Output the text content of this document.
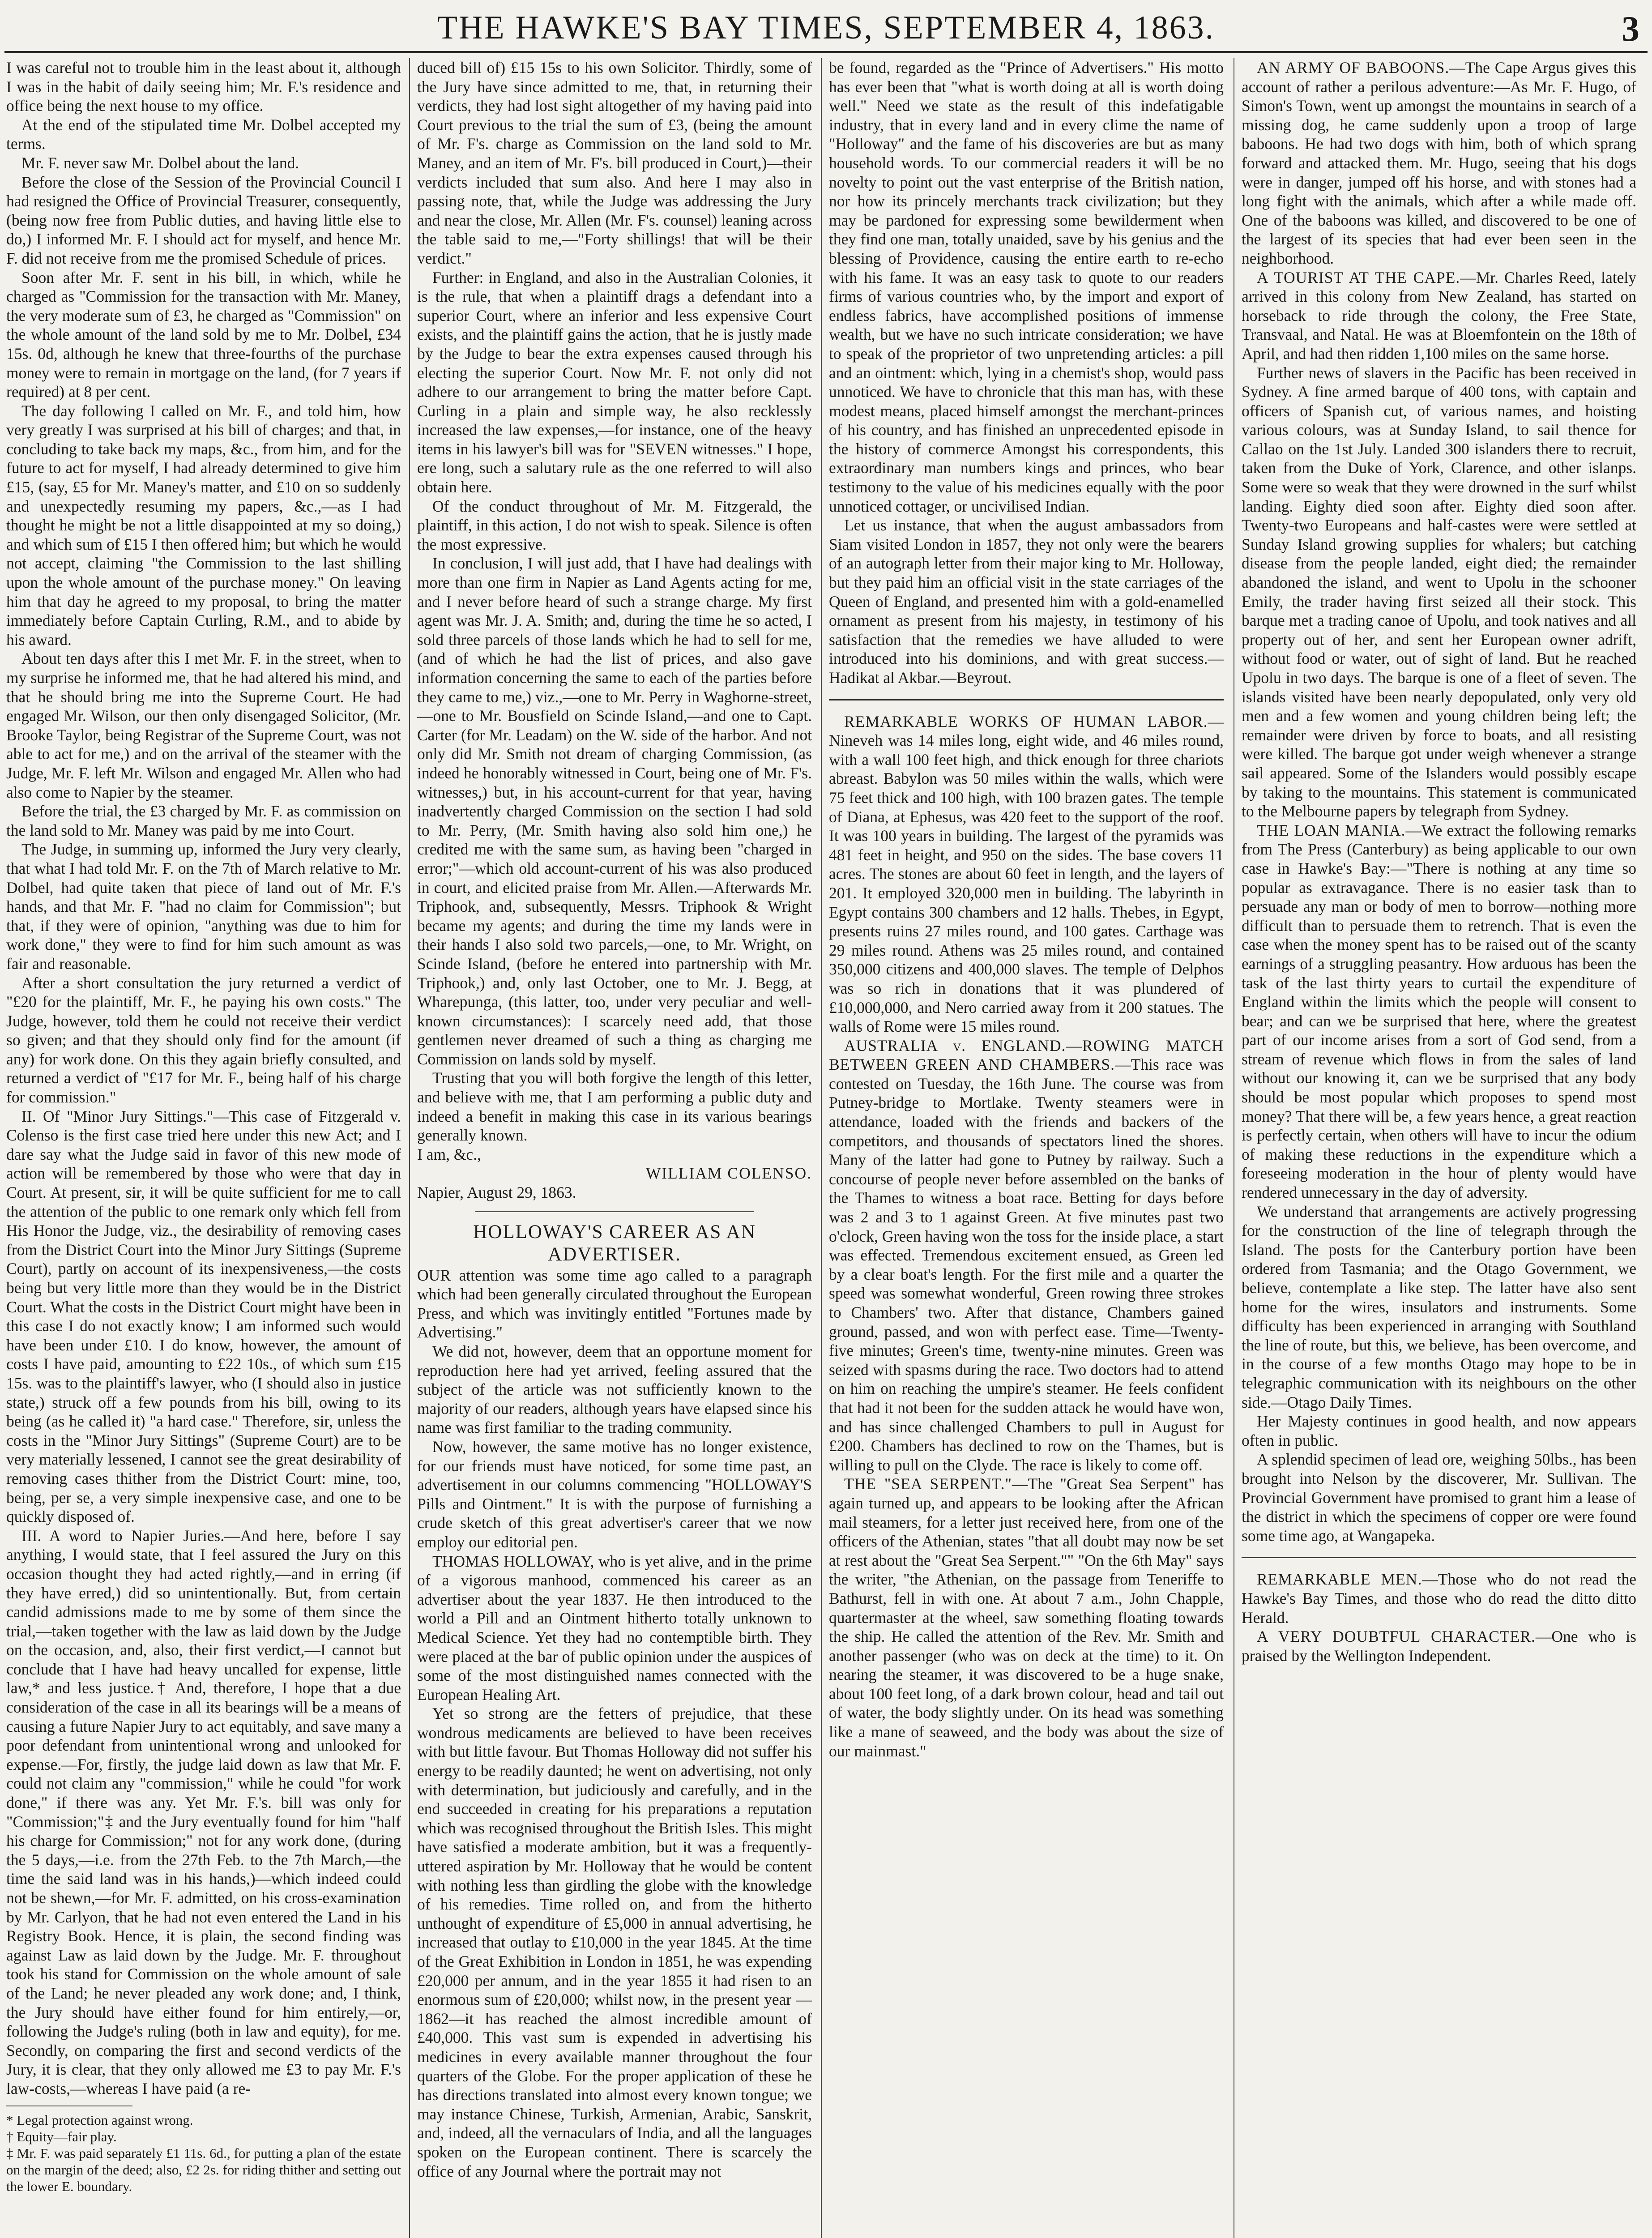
THE HAWKE'S BAY TIMES, SEPTEMBER 4, 1863.	3

I was careful not to trouble him in the least about it, although I was in the habit of daily seeing him; Mr. F.'s residence and office being the next house to my office.

At the end of the stipulated time Mr. Dolbel accepted my terms.

Mr. F. never saw Mr. Dolbel about the land.

Before the close of the Session of the Provincial Council I had resigned the Office of Provincial Treasurer, consequently, (being now free from Public duties, and having little else to do,) I informed Mr. F. I should act for myself, and hence Mr. F. did not receive from me the promised Schedule of prices.

Soon after Mr. F. sent in his bill, in which, while he charged as "Commission for the transaction with Mr. Maney, the very moderate sum of £3, he charged as "Commission" on the whole amount of the land sold by me to Mr. Dolbel, £34 15s. 0d, although he knew that three-fourths of the purchase money were to remain in mortgage on the land, (for 7 years if required) at 8 per cent.

The day following I called on Mr. F., and told him, how very greatly I was surprised at his bill of charges; and that, in concluding to take back my maps, &c., from him, and for the future to act for myself, I had already determined to give him £15, (say, £5 for Mr. Maney's matter, and £10 on so suddenly and unexpectedly resuming my papers, &c.,—as I had thought he might be not a little disappointed at my so doing,) and which sum of £15 I then offered him; but which he would not accept, claiming "the Commission to the last shilling upon the whole amount of the purchase money." On leaving him that day he agreed to my proposal, to bring the matter immediately before Captain Curling, R.M., and to abide by his award.

About ten days after this I met Mr. F. in the street, when to my surprise he informed me, that he had altered his mind, and that he should bring me into the Supreme Court. He had engaged Mr. Wilson, our then only disengaged Solicitor, (Mr. Brooke Taylor, being Registrar of the Supreme Court, was not able to act for me,) and on the arrival of the steamer with the Judge, Mr. F. left Mr. Wilson and engaged Mr. Allen who had also come to Napier by the steamer.

Before the trial, the £3 charged by Mr. F. as commission on the land sold to Mr. Maney was paid by me into Court.

The Judge, in summing up, informed the Jury very clearly, that what I had told Mr. F. on the 7th of March relative to Mr. Dolbel, had quite taken that piece of land out of Mr. F.'s hands, and that Mr. F. "had no claim for Commission"; but that, if they were of opinion, "anything was due to him for work done," they were to find for him such amount as was fair and reasonable.

After a short consultation the jury returned a verdict of "£20 for the plaintiff, Mr. F., he paying his own costs." The Judge, however, told them he could not receive their verdict so given; and that they should only find for the amount (if any) for work done. On this they again briefly consulted, and returned a verdict of "£17 for Mr. F., being half of his charge for commission."

II. Of "Minor Jury Sittings."—This case of Fitzgerald v. Colenso is the first case tried here under this new Act; and I dare say what the Judge said in favor of this new mode of action will be remembered by those who were that day in Court. At present, sir, it will be quite sufficient for me to call the attention of the public to one remark only which fell from His Honor the Judge, viz., the desirability of removing cases from the District Court into the Minor Jury Sittings (Supreme Court), partly on account of its inexpensiveness,—the costs being but very little more than they would be in the District Court. What the costs in the District Court might have been in this case I do not exactly know; I am informed such would have been under £10. I do know, however, the amount of costs I have paid, amounting to £22 10s., of which sum £15 15s. was to the plaintiff's lawyer, who (I should also in justice state,) struck off a few pounds from his bill, owing to its being (as he called it) "a hard case." Therefore, sir, unless the costs in the "Minor Jury Sittings" (Supreme Court) are to be very materially lessened, I cannot see the great desirability of removing cases thither from the District Court: mine, too, being, per se, a very simple inexpensive case, and one to be quickly disposed of.

III. A word to Napier Juries.—And here, before I say anything, I would state, that I feel assured the Jury on this occasion thought they had acted rightly,—and in erring (if they have erred,) did so unintentionally. But, from certain candid admissions made to me by some of them since the trial,—taken together with the law as laid down by the Judge on the occasion, and, also, their first verdict,—I cannot but conclude that I have had heavy uncalled for expense, little law,* and less justice.† And, therefore, I hope that a due consideration of the case in all its bearings will be a means of causing a future Napier Jury to act equitably, and save many a poor defendant from unintentional wrong and unlooked for expense.—For, firstly, the judge laid down as law that Mr. F. could not claim any "commission," while he could "for work done," if there was any. Yet Mr. F.'s. bill was only for "Commission;"‡ and the Jury eventually found for him "half his charge for Commission;" not for any work done, (during the 5 days,—i.e. from the 27th Feb. to the 7th March,—the time the said land was in his hands,)—which indeed could not be shewn,—for Mr. F. admitted, on his cross-examination by Mr. Carlyon, that he had not even entered the Land in his Registry Book. Hence, it is plain, the second finding was against Law as laid down by the Judge. Mr. F. throughout took his stand for Commission on the whole amount of sale of the Land; he never pleaded any work done; and, I think, the Jury should have either found for him entirely,—or, following the Judge's ruling (both in law and equity), for me. Secondly, on comparing the first and second verdicts of the Jury, it is clear, that they only allowed me £3 to pay Mr. F.'s law-costs,—whereas I have paid (a re-

* Legal protection against wrong.

† Equity—fair play.

‡ Mr. F. was paid separately £1 11s. 6d., for putting a plan of the estate on the margin of the deed; also, £2 2s. for riding thither and setting out the lower E. boundary.

duced bill of) £15 15s to his own Solicitor. Thirdly, some of the Jury have since admitted to me, that, in returning their verdicts, they had lost sight altogether of my having paid into Court previous to the trial the sum of £3, (being the amount of Mr. F's. charge as Commission on the land sold to Mr. Maney, and an item of Mr. F's. bill produced in Court,)—their verdicts included that sum also. And here I may also in passing note, that, while the Judge was addressing the Jury and near the close, Mr. Allen (Mr. F's. counsel) leaning across the table said to me,—"Forty shillings! that will be their verdict."

Further: in England, and also in the Australian Colonies, it is the rule, that when a plaintiff drags a defendant into a superior Court, where an inferior and less expensive Court exists, and the plaintiff gains the action, that he is justly made by the Judge to bear the extra expenses caused through his electing the superior Court. Now Mr. F. not only did not adhere to our arrangement to bring the matter before Capt. Curling in a plain and simple way, he also recklessly increased the law expenses,—for instance, one of the heavy items in his lawyer's bill was for "SEVEN witnesses." I hope, ere long, such a salutary rule as the one referred to will also obtain here.

Of the conduct throughout of Mr. M. Fitzgerald, the plaintiff, in this action, I do not wish to speak. Silence is often the most expressive.

In conclusion, I will just add, that I have had dealings with more than one firm in Napier as Land Agents acting for me, and I never before heard of such a strange charge. My first agent was Mr. J. A. Smith; and, during the time he so acted, I sold three parcels of those lands which he had to sell for me, (and of which he had the list of prices, and also gave information concerning the same to each of the parties before they came to me,) viz.,—one to Mr. Perry in Waghorne-street, —one to Mr. Bousfield on Scinde Island,—and one to Capt. Carter (for Mr. Leadam) on the W. side of the harbor. And not only did Mr. Smith not dream of charging Commission, (as indeed he honorably witnessed in Court, being one of Mr. F's. witnesses,) but, in his account-current for that year, having inadvertently charged Commission on the section I had sold to Mr. Perry, (Mr. Smith having also sold him one,) he credited me with the same sum, as having been "charged in error;"—which old account-current of his was also produced in court, and elicited praise from Mr. Allen.—Afterwards Mr. Triphook, and, subsequently, Messrs. Triphook & Wright became my agents; and during the time my lands were in their hands I also sold two parcels,—one, to Mr. Wright, on Scinde Island, (before he entered into partnership with Mr. Triphook,) and, only last October, one to Mr. J. Begg, at Wharepunga, (this latter, too, under very peculiar and well-known circumstances): I scarcely need add, that those gentlemen never dreamed of such a thing as charging me Commission on lands sold by myself.

Trusting that you will both forgive the length of this letter, and believe with me, that I am performing a public duty and indeed a benefit in making this case in its various bearings generally known.

I am, &c.,

WILLIAM COLENSO.

Napier, August 29, 1863.

HOLLOWAY'S CAREER AS AN ADVERTISER.

OUR attention was some time ago called to a paragraph which had been generally circulated throughout the European Press, and which was invitingly entitled "Fortunes made by Advertising."

We did not, however, deem that an opportune moment for reproduction here had yet arrived, feeling assured that the subject of the article was not sufficiently known to the majority of our readers, although years have elapsed since his name was first familiar to the trading community.

Now, however, the same motive has no longer existence, for our friends must have noticed, for some time past, an advertisement in our columns commencing "HOLLOWAY'S Pills and Ointment." It is with the purpose of furnishing a crude sketch of this great advertiser's career that we now employ our editorial pen.

THOMAS HOLLOWAY, who is yet alive, and in the prime of a vigorous manhood, commenced his career as an advertiser about the year 1837. He then introduced to the world a Pill and an Ointment hitherto totally unknown to Medical Science. Yet they had no contemptible birth. They were placed at the bar of public opinion under the auspices of some of the most distinguished names connected with the European Healing Art.

Yet so strong are the fetters of prejudice, that these wondrous medicaments are believed to have been receives with but little favour. But Thomas Holloway did not suffer his energy to be readily daunted; he went on advertising, not only with determination, but judiciously and carefully, and in the end succeeded in creating for his preparations a reputation which was recognised throughout the British Isles. This might have satisfied a moderate ambition, but it was a frequently-uttered aspiration by Mr. Holloway that he would be content with nothing less than girdling the globe with the knowledge of his remedies. Time rolled on, and from the hitherto unthought of expenditure of £5,000 in annual advertising, he increased that outlay to £10,000 in the year 1845. At the time of the Great Exhibition in London in 1851, he was expending £20,000 per annum, and in the year 1855 it had risen to an enormous sum of £20,000; whilst now, in the present year —1862—it has reached the almost incredible amount of £40,000. This vast sum is expended in advertising his medicines in every available manner throughout the four quarters of the Globe. For the proper application of these he has directions translated into almost every known tongue; we may instance Chinese, Turkish, Armenian, Arabic, Sanskrit, and, indeed, all the vernaculars of India, and all the languages spoken on the European continent. There is scarcely the office of any Journal where the portrait may not

be found, regarded as the "Prince of Advertisers." His motto has ever been that "what is worth doing at all is worth doing well." Need we state as the result of this indefatigable industry, that in every land and in every clime the name of "Holloway" and the fame of his discoveries are but as many household words. To our commercial readers it will be no novelty to point out the vast enterprise of the British nation, nor how its princely merchants track civilization; but they may be pardoned for expressing some bewilderment when they find one man, totally unaided, save by his genius and the blessing of Providence, causing the entire earth to re-echo with his fame. It was an easy task to quote to our readers firms of various countries who, by the import and export of endless fabrics, have accomplished positions of immense wealth, but we have no such intricate consideration; we have to speak of the proprietor of two unpretending articles: a pill and an ointment: which, lying in a chemist's shop, would pass unnoticed. We have to chronicle that this man has, with these modest means, placed himself amongst the merchant-princes of his country, and has finished an unprecedented episode in the history of commerce Amongst his correspondents, this extraordinary man numbers kings and princes, who bear testimony to the value of his medicines equally with the poor unnoticed cottager, or uncivilised Indian.

Let us instance, that when the august ambassadors from Siam visited London in 1857, they not only were the bearers of an autograph letter from their major king to Mr. Holloway, but they paid him an official visit in the state carriages of the Queen of England, and presented him with a gold-enamelled ornament as present from his majesty, in testimony of his satisfaction that the remedies we have alluded to were introduced into his dominions, and with great success.—Hadikat al Akbar.—Beyrout.

REMARKABLE WORKS OF HUMAN LABOR.—Nineveh was 14 miles long, eight wide, and 46 miles round, with a wall 100 feet high, and thick enough for three chariots abreast. Babylon was 50 miles within the walls, which were 75 feet thick and 100 high, with 100 brazen gates. The temple of Diana, at Ephesus, was 420 feet to the support of the roof. It was 100 years in building. The largest of the pyramids was 481 feet in height, and 950 on the sides. The base covers 11 acres. The stones are about 60 feet in length, and the layers of 201. It employed 320,000 men in building. The labyrinth in Egypt contains 300 chambers and 12 halls. Thebes, in Egypt, presents ruins 27 miles round, and 100 gates. Carthage was 29 miles round. Athens was 25 miles round, and contained 350,000 citizens and 400,000 slaves. The temple of Delphos was so rich in donations that it was plundered of £10,000,000, and Nero carried away from it 200 statues. The walls of Rome were 15 miles round.

AUSTRALIA v. ENGLAND.—ROWING MATCH BETWEEN GREEN AND CHAMBERS.—This race was contested on Tuesday, the 16th June. The course was from Putney-bridge to Mortlake. Twenty steamers were in attendance, loaded with the friends and backers of the competitors, and thousands of spectators lined the shores. Many of the latter had gone to Putney by railway. Such a concourse of people never before assembled on the banks of the Thames to witness a boat race. Betting for days before was 2 and 3 to 1 against Green. At five minutes past two o'clock, Green having won the toss for the inside place, a start was effected. Tremendous excitement ensued, as Green led by a clear boat's length. For the first mile and a quarter the speed was somewhat wonderful, Green rowing three strokes to Chambers' two. After that distance, Chambers gained ground, passed, and won with perfect ease. Time—Twenty-five minutes; Green's time, twenty-nine minutes. Green was seized with spasms during the race. Two doctors had to attend on him on reaching the umpire's steamer. He feels confident that had it not been for the sudden attack he would have won, and has since challenged Chambers to pull in August for £200. Chambers has declined to row on the Thames, but is willing to pull on the Clyde. The race is likely to come off.

THE "SEA SERPENT."—The "Great Sea Serpent" has again turned up, and appears to be looking after the African mail steamers, for a letter just received here, from one of the officers of the Athenian, states "that all doubt may now be set at rest about the "Great Sea Serpent."" "On the 6th May" says the writer, "the Athenian, on the passage from Teneriffe to Bathurst, fell in with one. At about 7 a.m., John Chapple, quartermaster at the wheel, saw something floating towards the ship. He called the attention of the Rev. Mr. Smith and another passenger (who was on deck at the time) to it. On nearing the steamer, it was discovered to be a huge snake, about 100 feet long, of a dark brown colour, head and tail out of water, the body slightly under. On its head was something like a mane of seaweed, and the body was about the size of our mainmast."

AN ARMY OF BABOONS.—The Cape Argus gives this account of rather a perilous adventure:—As Mr. F. Hugo, of Simon's Town, went up amongst the mountains in search of a missing dog, he came suddenly upon a troop of large baboons. He had two dogs with him, both of which sprang forward and attacked them. Mr. Hugo, seeing that his dogs were in danger, jumped off his horse, and with stones had a long fight with the animals, which after a while made off. One of the baboons was killed, and discovered to be one of the largest of its species that had ever been seen in the neighborhood.

A TOURIST AT THE CAPE.—Mr. Charles Reed, lately arrived in this colony from New Zealand, has started on horseback to ride through the colony, the Free State, Transvaal, and Natal. He was at Bloemfontein on the 18th of April, and had then ridden 1,100 miles on the same horse.

Further news of slavers in the Pacific has been received in Sydney. A fine armed barque of 400 tons, with captain and officers of Spanish cut, of various names, and hoisting various colours, was at Sunday Island, to sail thence for Callao on the 1st July. Landed 300 islanders there to recruit, taken from the Duke of York, Clarence, and other islanps. Some were so weak that they were drowned in the surf whilst landing. Eighty died soon after. Eighty died soon after. Twenty-two Europeans and half-castes were were settled at Sunday Island growing supplies for whalers; but catching disease from the people landed, eight died; the remainder abandoned the island, and went to Upolu in the schooner Emily, the trader having first seized all their stock. This barque met a trading canoe of Upolu, and took natives and all property out of her, and sent her European owner adrift, without food or water, out of sight of land. But he reached Upolu in two days. The barque is one of a fleet of seven. The islands visited have been nearly depopulated, only very old men and a few women and young children being left; the remainder were driven by force to boats, and all resisting were killed. The barque got under weigh whenever a strange sail appeared. Some of the Islanders would possibly escape by taking to the mountains. This statement is communicated to the Melbourne papers by telegraph from Sydney.

THE LOAN MANIA.—We extract the following remarks from The Press (Canterbury) as being applicable to our own case in Hawke's Bay:—"There is nothing at any time so popular as extravagance. There is no easier task than to persuade any man or body of men to borrow—nothing more difficult than to persuade them to retrench. That is even the case when the money spent has to be raised out of the scanty earnings of a struggling peasantry. How arduous has been the task of the last thirty years to curtail the expenditure of England within the limits which the people will consent to bear; and can we be surprised that here, where the greatest part of our income arises from a sort of God send, from a stream of revenue which flows in from the sales of land without our knowing it, can we be surprised that any body should be most popular which proposes to spend most money? That there will be, a few years hence, a great reaction is perfectly certain, when others will have to incur the odium of making these reductions in the expenditure which a foreseeing moderation in the hour of plenty would have rendered unnecessary in the day of adversity.

We understand that arrangements are actively progressing for the construction of the line of telegraph through the Island. The posts for the Canterbury portion have been ordered from Tasmania; and the Otago Government, we believe, contemplate a like step. The latter have also sent home for the wires, insulators and instruments. Some difficulty has been experienced in arranging with Southland the line of route, but this, we believe, has been overcome, and in the course of a few months Otago may hope to be in telegraphic communication with its neighbours on the other side.—Otago Daily Times.

Her Majesty continues in good health, and now appears often in public.

A splendid specimen of lead ore, weighing 50lbs., has been brought into Nelson by the discoverer, Mr. Sullivan. The Provincial Government have promised to grant him a lease of the district in which the specimens of copper ore were found some time ago, at Wangapeka.

REMARKABLE MEN.—Those who do not read the Hawke's Bay Times, and those who do read the ditto ditto Herald.

A VERY DOUBTFUL CHARACTER.—One who is praised by the Wellington Independent.
